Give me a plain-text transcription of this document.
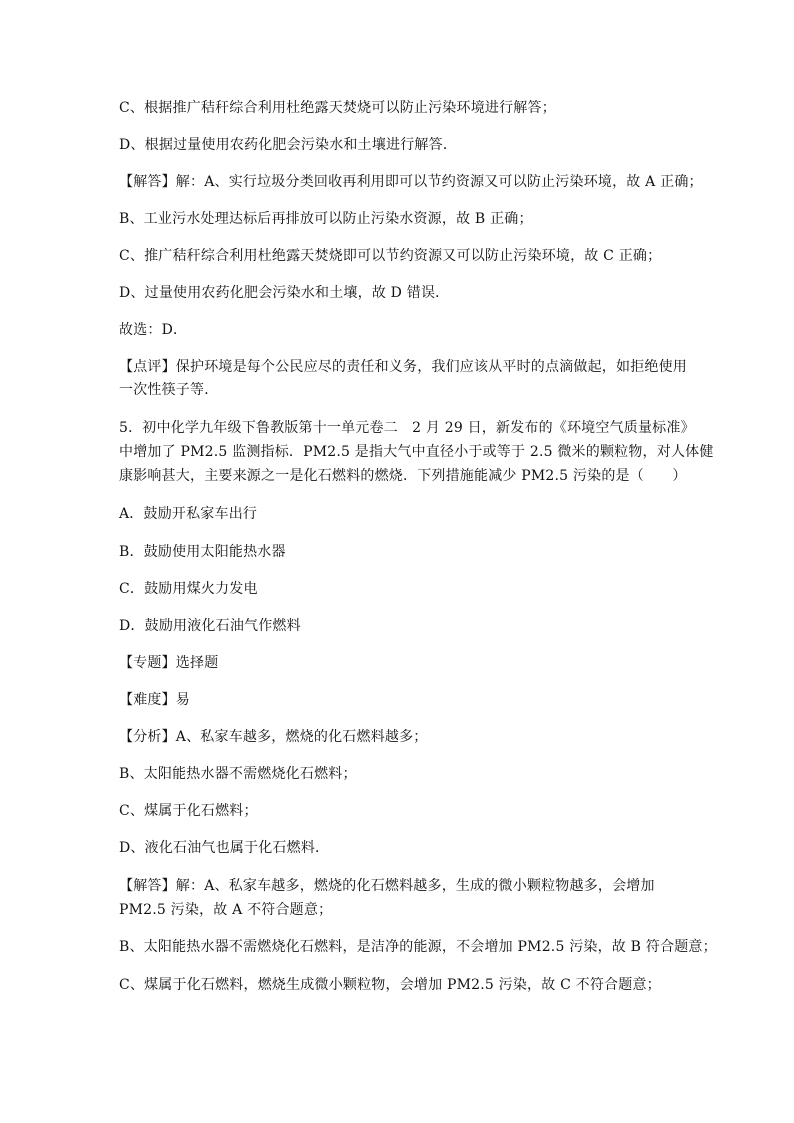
C、根据推广秸秆综合利用杜绝露天焚烧可以防止污染环境进行解答；
D、根据过量使用农药化肥会污染水和土壤进行解答．
【解答】解：A、实行垃圾分类回收再利用即可以节约资源又可以防止污染环境，故 A 正确；
B、工业污水处理达标后再排放可以防止污染水资源，故 B 正确；
C、推广秸秆综合利用杜绝露天焚烧即可以节约资源又可以防止污染环境，故 C 正确；
D、过量使用农药化肥会污染水和土壤，故 D 错误．
故选：D．
【点评】保护环境是每个公民应尽的责任和义务，我们应该从平时的点滴做起，如拒绝使用
一次性筷子等．
5．初中化学九年级下鲁教版第十一单元卷二　2 月 29 日，新发布的《环境空气质量标准》
中增加了 PM2.5 监测指标．PM2.5 是指大气中直径小于或等于 2.5 微米的颗粒物，对人体健
康影响甚大，主要来源之一是化石燃料的燃烧．下列措施能减少 PM2.5 污染的是（　　）
A．鼓励开私家车出行
B．鼓励使用太阳能热水器
C．鼓励用煤火力发电
D．鼓励用液化石油气作燃料
【专题】选择题
【难度】易
【分析】A、私家车越多，燃烧的化石燃料越多；
B、太阳能热水器不需燃烧化石燃料；
C、煤属于化石燃料；
D、液化石油气也属于化石燃料．
【解答】解：A、私家车越多，燃烧的化石燃料越多，生成的微小颗粒物越多，会增加
PM2.5 污染，故 A 不符合题意；
B、太阳能热水器不需燃烧化石燃料，是洁净的能源，不会增加 PM2.5 污染，故 B 符合题意；
C、煤属于化石燃料，燃烧生成微小颗粒物，会增加 PM2.5 污染，故 C 不符合题意；
